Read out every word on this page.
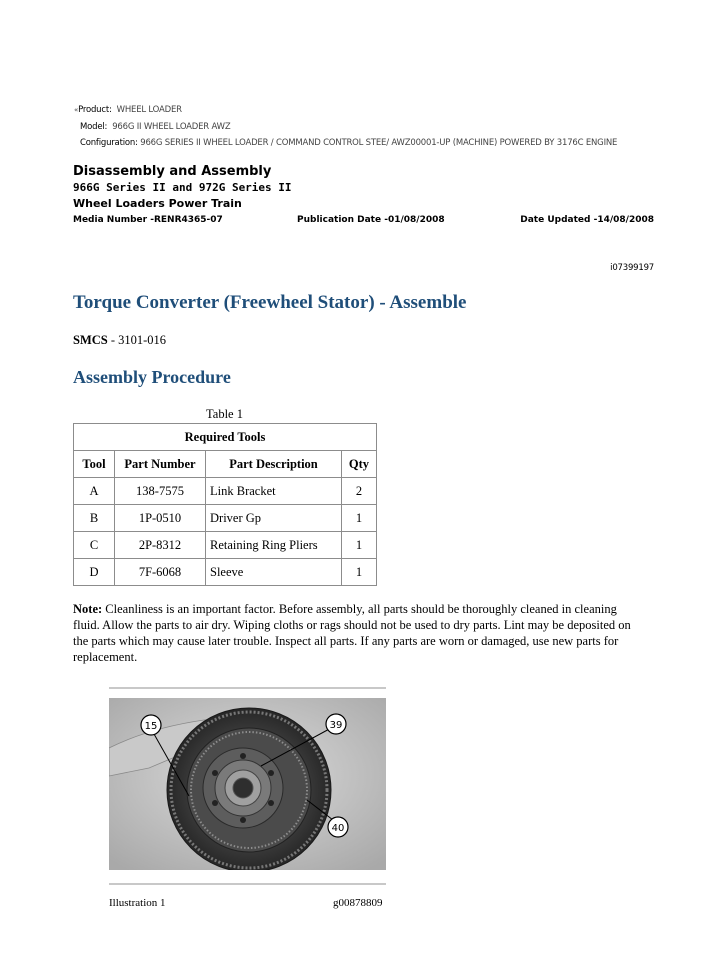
«Product: WHEEL LOADER
Model: 966G II WHEEL LOADER AWZ
Configuration: 966G SERIES II WHEEL LOADER / COMMAND CONTROL STEE/ AWZ00001-UP (MACHINE) POWERED BY 3176C ENGINE
Disassembly and Assembly
966G Series II and 972G Series II
Wheel Loaders Power Train
Media Number -RENR4365-07	Publication Date -01/08/2008	Date Updated -14/08/2008
i07399197
Torque Converter (Freewheel Stator) - Assemble
SMCS - 3101-016
Assembly Procedure
Table 1
Required Tools			
Tool	Part Number	Part Description	Qty
A	138-7575	Link Bracket	2
B	1P-0510	Driver Gp	1
C	2P-8312	Retaining Ring Pliers	1
D	7F-6068	Sleeve	1
Note: Cleanliness is an important factor. Before assembly, all parts should be thoroughly cleaned in cleaning fluid. Allow the parts to air dry. Wiping cloths or rags should not be used to dry parts. Lint may be deposited on the parts which may cause later trouble. Inspect all parts. If any parts are worn or damaged, use new parts for replacement.
15	39
40
Illustration 1	g00878809
